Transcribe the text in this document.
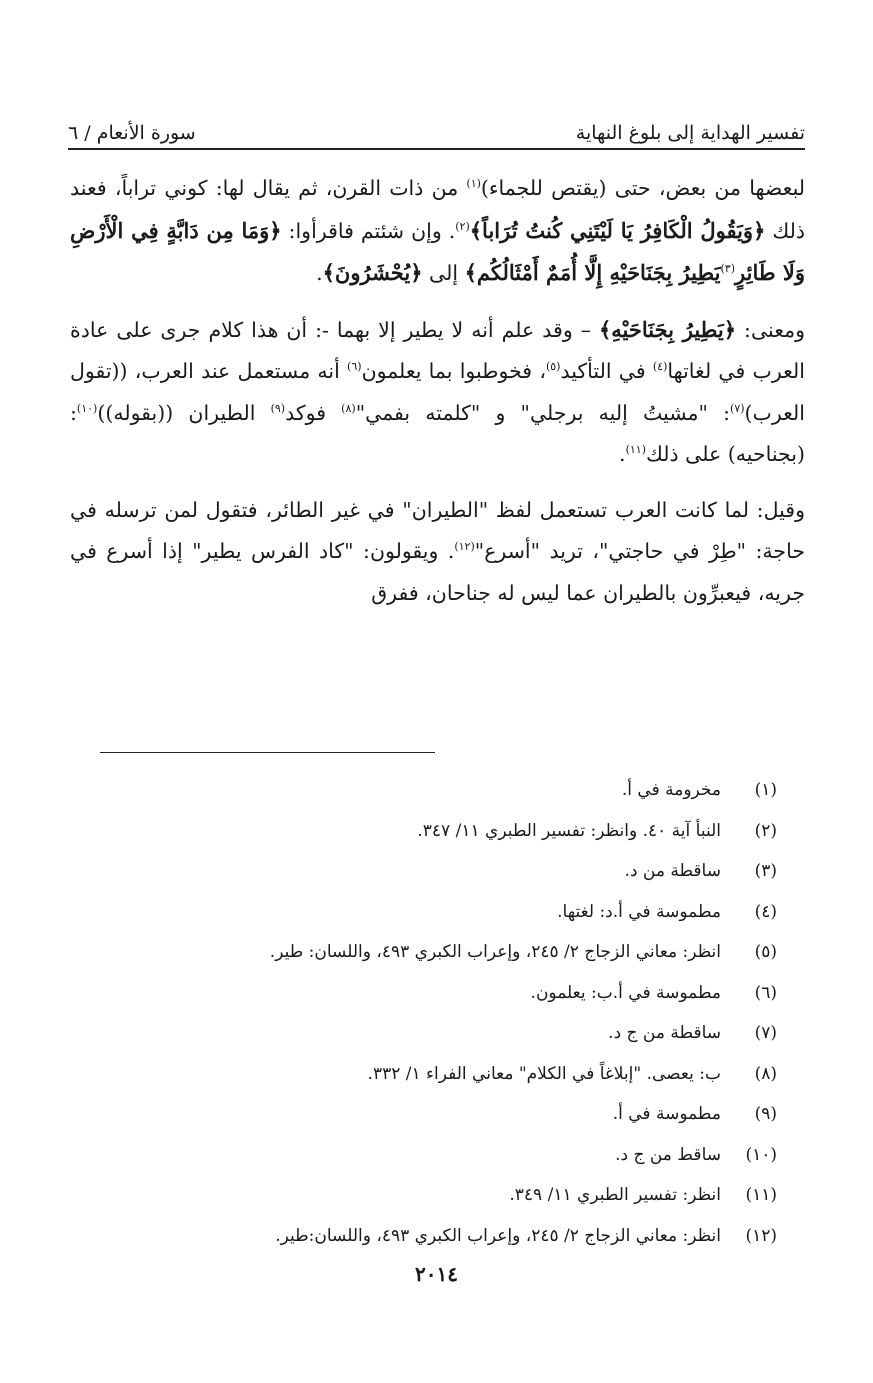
تفسير الهداية إلى بلوغ النهاية
سورة الأنعام / ٦

لبعضها من بعض، حتى (يقتص للجماء)$^{(١)}$ من ذات القرن، ثم يقال لها: كوني تراباً، فعند ذلك ﴿وَيَقُولُ الْكَافِرُ يَا لَيْتَنِي كُنتُ تُرَاباً﴾$^{(٢)}$. وإن شئتم فاقرأوا: ﴿وَمَا مِن دَابَّةٍ فِي الْأَرْضِ وَلَا طَائِرٍ$^{(٣)}$يَطِيرُ بِجَنَاحَيْهِ إِلَّا أُمَمٌ أَمْثَالُكُم﴾ إلى ﴿يُحْشَرُونَ﴾.

ومعنى: ﴿يَطِيرُ بِجَنَاحَيْهِ﴾ – وقد علم أنه لا يطير إلا بهما -: أن هذا كلام جرى على عادة العرب في لغاتها$^{(٤)}$ في التأكيد$^{(٥)}$، فخوطبوا بما يعلمون$^{(٦)}$ أنه مستعمل عند العرب، ((تقول العرب)$^{(٧)}$: "مشيتُ إليه برجلي" و "كلمته بفمي"$^{(٨)}$ فوكد$^{(٩)}$ الطيران ((بقوله))$^{(١٠)}$: (بجناحيه) على ذلك$^{(١١)}$.

وقيل: لما كانت العرب تستعمل لفظ "الطيران" في غير الطائر، فتقول لمن ترسله في حاجة: "طِرْ في حاجتي"، تريد "أسرع"$^{(١٢)}$. ويقولون: "كاد الفرس يطير" إذا أسرع في جريه، فيعبرِّون بالطيران عما ليس له جناحان، ففرق

(١)
مخرومة في أ.
(٢)
النبأ آية ٤٠. وانظر: تفسير الطبري ١١/ ٣٤٧.
(٣)
ساقطة من د.
(٤)
مطموسة في أ.د: لغتها.
(٥)
انظر: معاني الزجاج ٢/ ٢٤٥، وإعراب الكبري ٤٩٣، واللسان: طير.
(٦)
مطموسة في أ.ب: يعلمون.
(٧)
ساقطة من ج د.
(٨)
ب: يعصى. "إبلاغاً في الكلام" معاني الفراء ١/ ٣٣٢.
(٩)
مطموسة في أ.
(١٠)
ساقط من ج د.
(١١)
انظر: تفسير الطبري ١١/ ٣٤٩.
(١٢)
انظر: معاني الزجاج ٢/ ٢٤٥، وإعراب الكبري ٤٩٣، واللسان:طير.
٢٠١٤
